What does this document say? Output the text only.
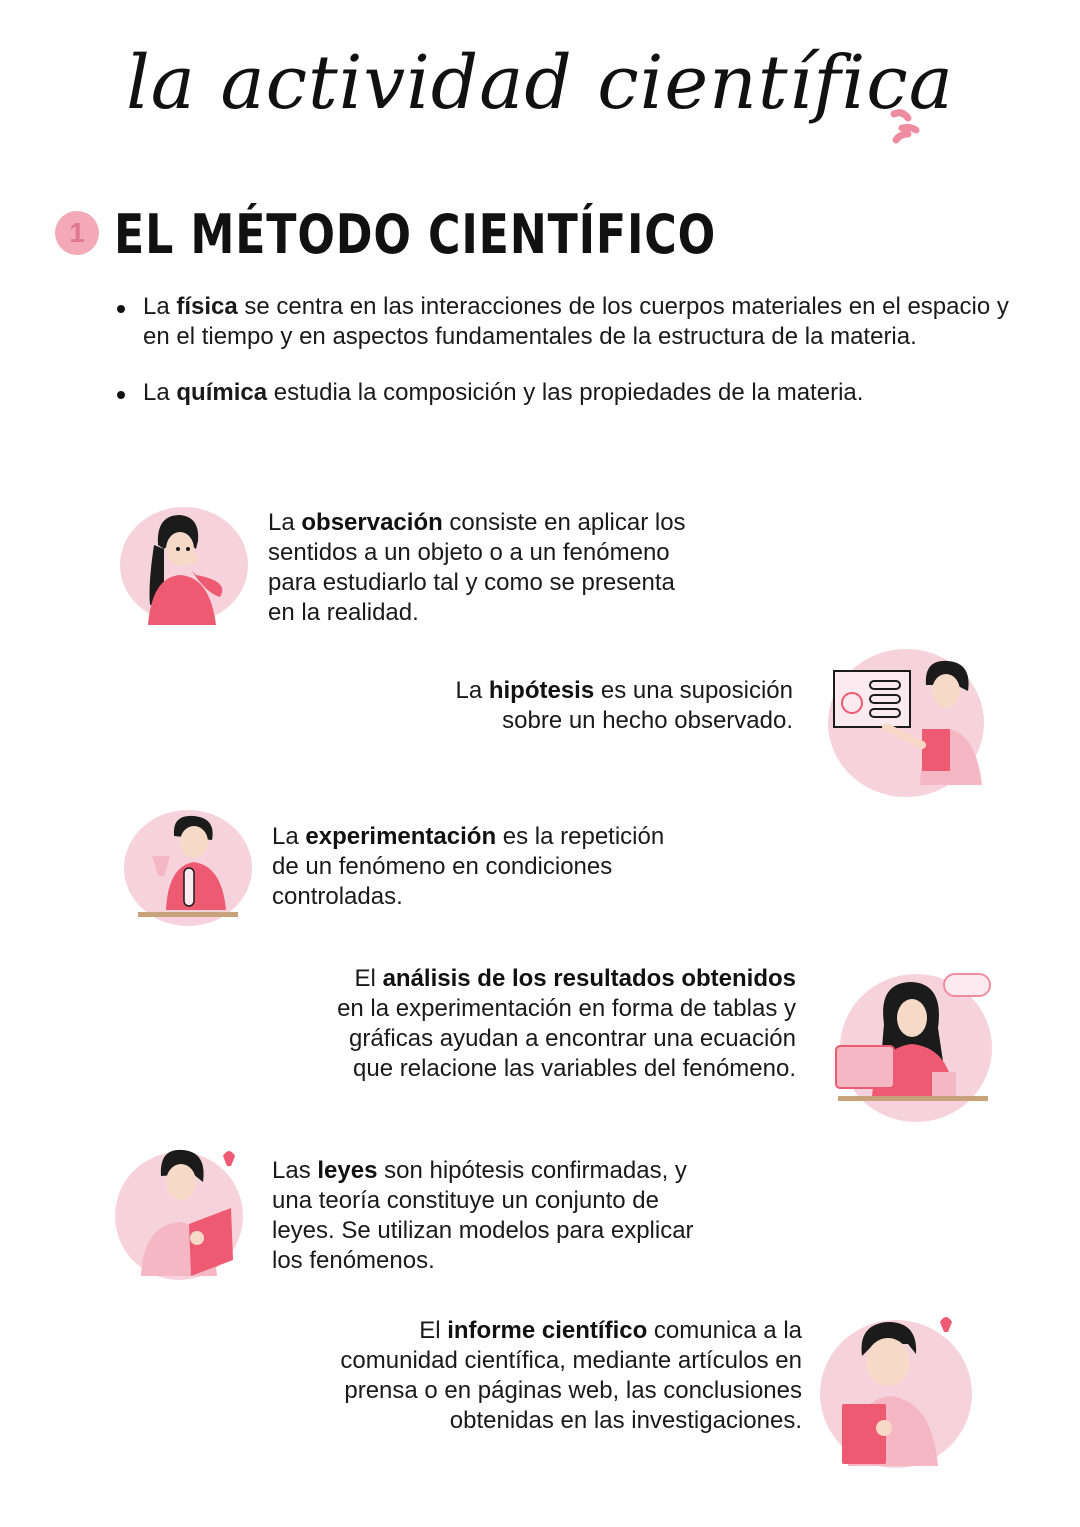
la actividad científica
1 EL MÉTODO CIENTÍFICO
La física se centra en las interacciones de los cuerpos materiales en el espacio y en el tiempo y en aspectos fundamentales de la estructura de la materia.
La química estudia la composición y las propiedades de la materia.
La observación consiste en aplicar los sentidos a un objeto o a un fenómeno para estudiarlo tal y como se presenta en la realidad.
La hipótesis es una suposición sobre un hecho observado.
La experimentación es la repetición de un fenómeno en condiciones controladas.
El análisis de los resultados obtenidos en la experimentación en forma de tablas y gráficas ayudan a encontrar una ecuación que relacione las variables del fenómeno.
Las leyes son hipótesis confirmadas, y una teoría constituye un conjunto de leyes. Se utilizan modelos para explicar los fenómenos.
El informe científico comunica a la comunidad científica, mediante artículos en prensa o en páginas web, las conclusiones obtenidas en las investigaciones.
